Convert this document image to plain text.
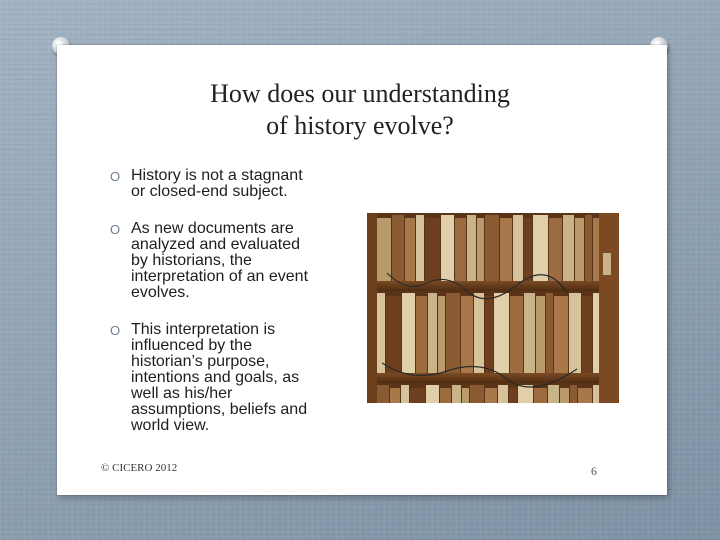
How does our understanding
of history evolve?
O History is not a stagnant
or closed-end subject.
O As new documents are
analyzed and evaluated
by historians, the
interpretation of an event
evolves.
O This interpretation is
influenced by the
historian’s purpose,
intentions and goals, as
well as his/her
assumptions, beliefs and
world view.
© CICERO 2012	6
